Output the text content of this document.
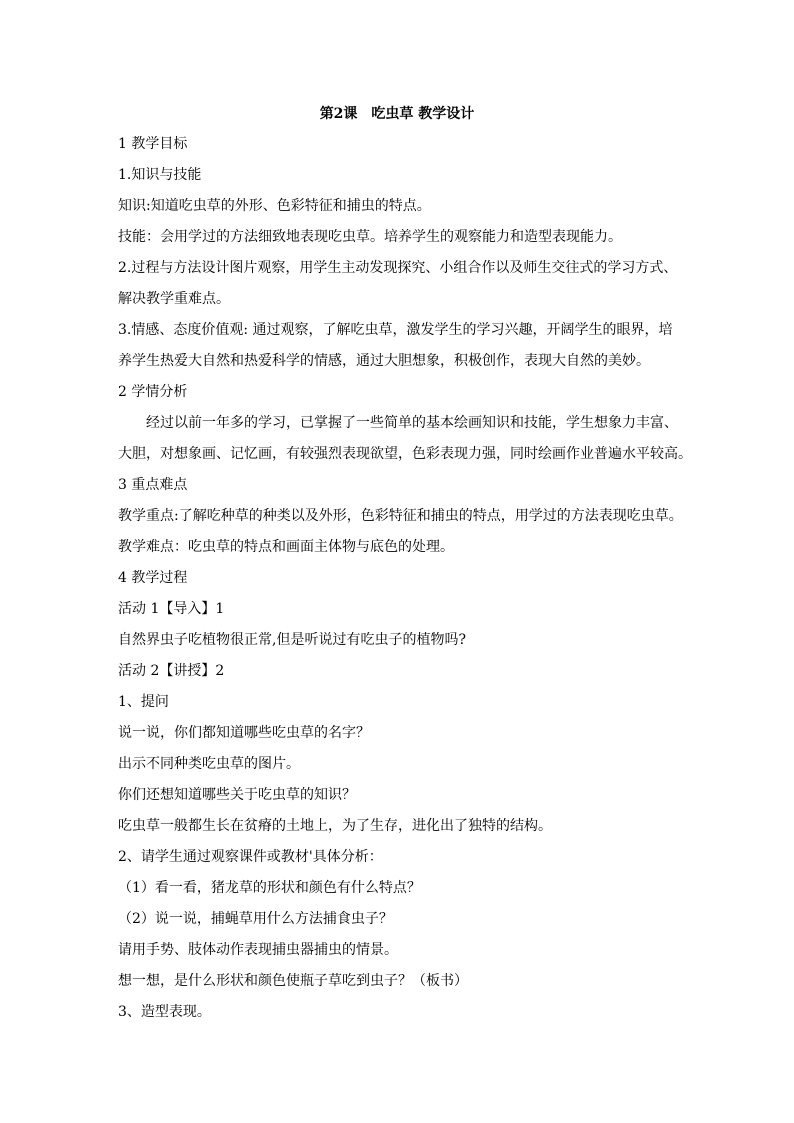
第2课　吃虫草 教学设计
1 教学目标
1.知识与技能
知识:知道吃虫草的外形、色彩特征和捕虫的特点。
技能：会用学过的方法细致地表现吃虫草。培养学生的观察能力和造型表现能力。
2.过程与方法设计图片观察，用学生主动发现探究、小组合作以及师生交往式的学习方式、
解决教学重难点。
3.情感、态度价值观: 通过观察，了解吃虫草，激发学生的学习兴趣，开阔学生的眼界，培
养学生热爱大自然和热爱科学的情感，通过大胆想象，积极创作，表现大自然的美妙。
2 学情分析
经过以前一年多的学习，已掌握了一些简单的基本绘画知识和技能，学生想象力丰富、
大胆，对想象画、记忆画，有较强烈表现欲望，色彩表现力强，同时绘画作业普遍水平较高。
3 重点难点
教学重点:了解吃种草的种类以及外形，色彩特征和捕虫的特点，用学过的方法表现吃虫草。
教学难点：吃虫草的特点和画面主体物与底色的处理。
4 教学过程
活动 1【导入】1
自然界虫子吃植物很正常,但是听说过有吃虫子的植物吗?
活动 2【讲授】2
1、提问
说一说，你们都知道哪些吃虫草的名字？
出示不同种类吃虫草的图片。
你们还想知道哪些关于吃虫草的知识？
吃虫草一般都生长在贫瘠的土地上，为了生存，进化出了独特的结构。
2、请学生通过观察课件或教材'具体分析：
（1）看一看，猪龙草的形状和颜色有什么特点？
（2）说一说，捕蝇草用什么方法捕食虫子？
请用手势、肢体动作表现捕虫器捕虫的情景。
想一想，是什么形状和颜色使瓶子草吃到虫子？（板书）
3、造型表现。
